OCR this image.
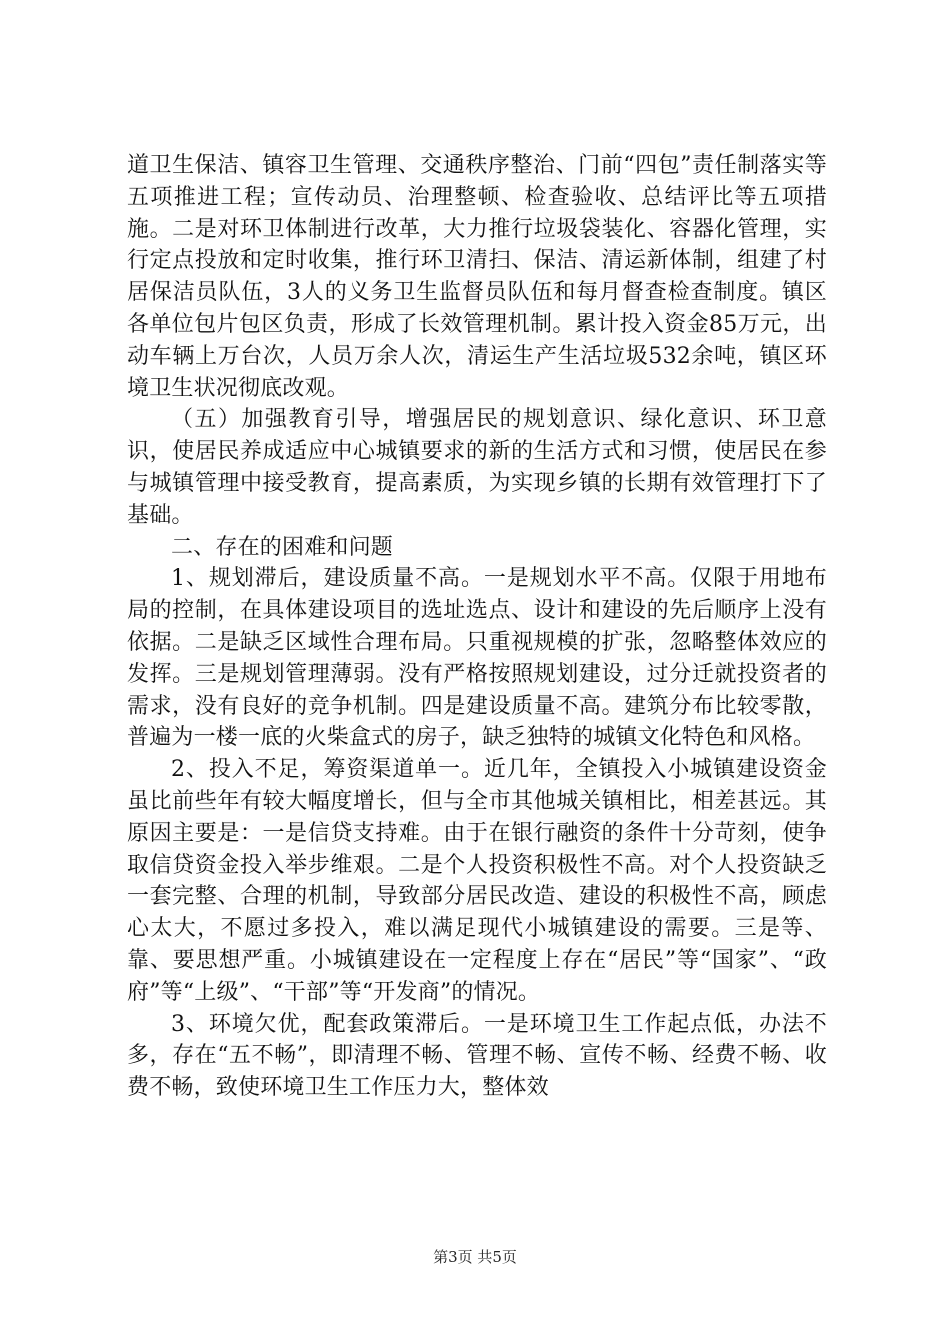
道卫生保洁、镇容卫生管理、交通秩序整治、门前“四包”责任制落实等五项推进工程；宣传动员、治理整顿、检查验收、总结评比等五项措施。二是对环卫体制进行改革，大力推行垃圾袋装化、容器化管理，实行定点投放和定时收集，推行环卫清扫、保洁、清运新体制，组建了村居保洁员队伍，3人的义务卫生监督员队伍和每月督查检查制度。镇区各单位包片包区负责，形成了长效管理机制。累计投入资金85万元，出动车辆上万台次，人员万余人次，清运生产生活垃圾532余吨，镇区环境卫生状况彻底改观。

（五）加强教育引导，增强居民的规划意识、绿化意识、环卫意识，使居民养成适应中心城镇要求的新的生活方式和习惯，使居民在参与城镇管理中接受教育，提高素质，为实现乡镇的长期有效管理打下了基础。

二、存在的困难和问题

1、规划滞后，建设质量不高。一是规划水平不高。仅限于用地布局的控制，在具体建设项目的选址选点、设计和建设的先后顺序上没有依据。二是缺乏区域性合理布局。只重视规模的扩张，忽略整体效应的发挥。三是规划管理薄弱。没有严格按照规划建设，过分迁就投资者的需求，没有良好的竞争机制。四是建设质量不高。建筑分布比较零散，普遍为一楼一底的火柴盒式的房子，缺乏独特的城镇文化特色和风格。

2、投入不足，筹资渠道单一。近几年，全镇投入小城镇建设资金虽比前些年有较大幅度增长，但与全市其他城关镇相比，相差甚远。其原因主要是：一是信贷支持难。由于在银行融资的条件十分苛刻，使争取信贷资金投入举步维艰。二是个人投资积极性不高。对个人投资缺乏一套完整、合理的机制，导致部分居民改造、建设的积极性不高，顾虑心太大，不愿过多投入，难以满足现代小城镇建设的需要。三是等、靠、要思想严重。小城镇建设在一定程度上存在“居民”等“国家”、“政府”等“上级”、“干部”等“开发商”的情况。

3、环境欠优，配套政策滞后。一是环境卫生工作起点低，办法不多，存在“五不畅”，即清理不畅、管理不畅、宣传不畅、经费不畅、收费不畅，致使环境卫生工作压力大，整体效

第3页 共5页
